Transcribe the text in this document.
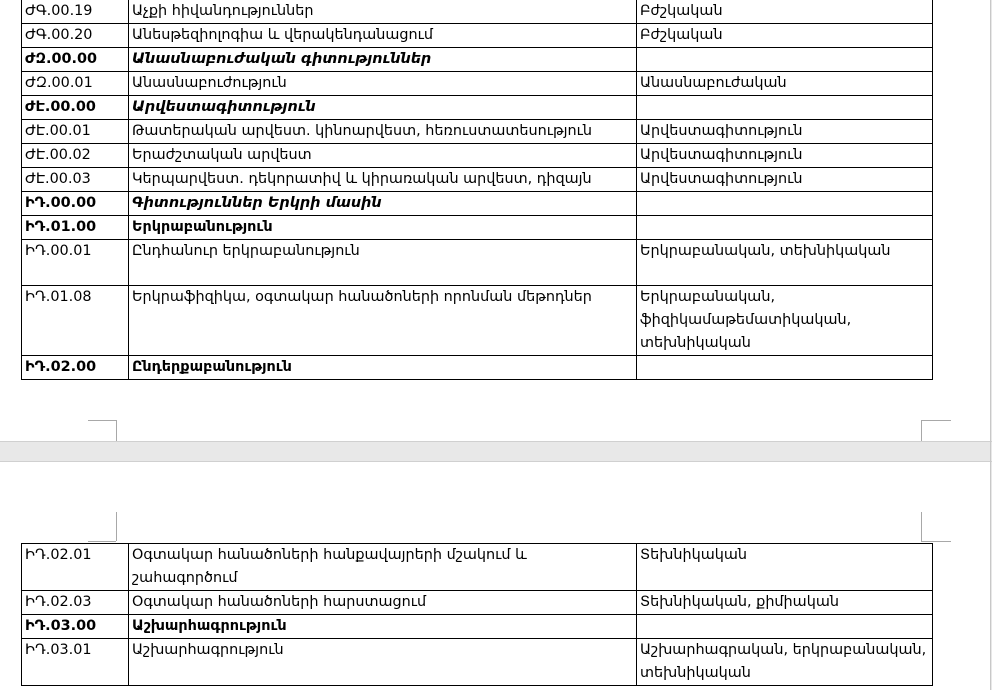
ԺԳ.00.19	Աչքի հիվանդություններ	Բժշկական
ԺԳ.00.20	Անեսթեզիոլոգիա և վերակենդանացում	Բժշկական
ԺԶ.00.00	Անասնաբուժական գիտություններ	
ԺԶ.00.01	Անասնաբուժություն	Անասնաբուժական
ԺԷ.00.00	Արվեստագիտություն	
ԺԷ.00.01	Թատերական արվեստ. կինոարվեստ, հեռուստատեսություն	Արվեստագիտություն
ԺԷ.00.02	Երաժշտական արվեստ	Արվեստագիտություն
ԺԷ.00.03	Կերպարվեստ. դեկորատիվ և կիրառական արվեստ, դիզայն	Արվեստագիտություն
ԻԴ.00.00	Գիտություններ Երկրի մասին	
ԻԴ.01.00	Երկրաբանություն	
ԻԴ.00.01	Ընդհանուր երկրաբանություն	Երկրաբանական, տեխնիկական
ԻԴ.01.08	Երկրաֆիզիկա, օգտակար հանածոների որոնման մեթոդներ	Երկրաբանական, ֆիզիկամաթեմատիկական, տեխնիկական
ԻԴ.02.00	Ընդերքաբանություն	
ԻԴ.02.01	Օգտակար հանածոների հանքավայրերի մշակում և շահագործում	Տեխնիկական
ԻԴ.02.03	Օգտակար հանածոների հարստացում	Տեխնիկական, քիմիական
ԻԴ.03.00	Աշխարհագրություն	
ԻԴ.03.01	Աշխարհագրություն	Աշխարհագրական, երկրաբանական, տեխնիկական
